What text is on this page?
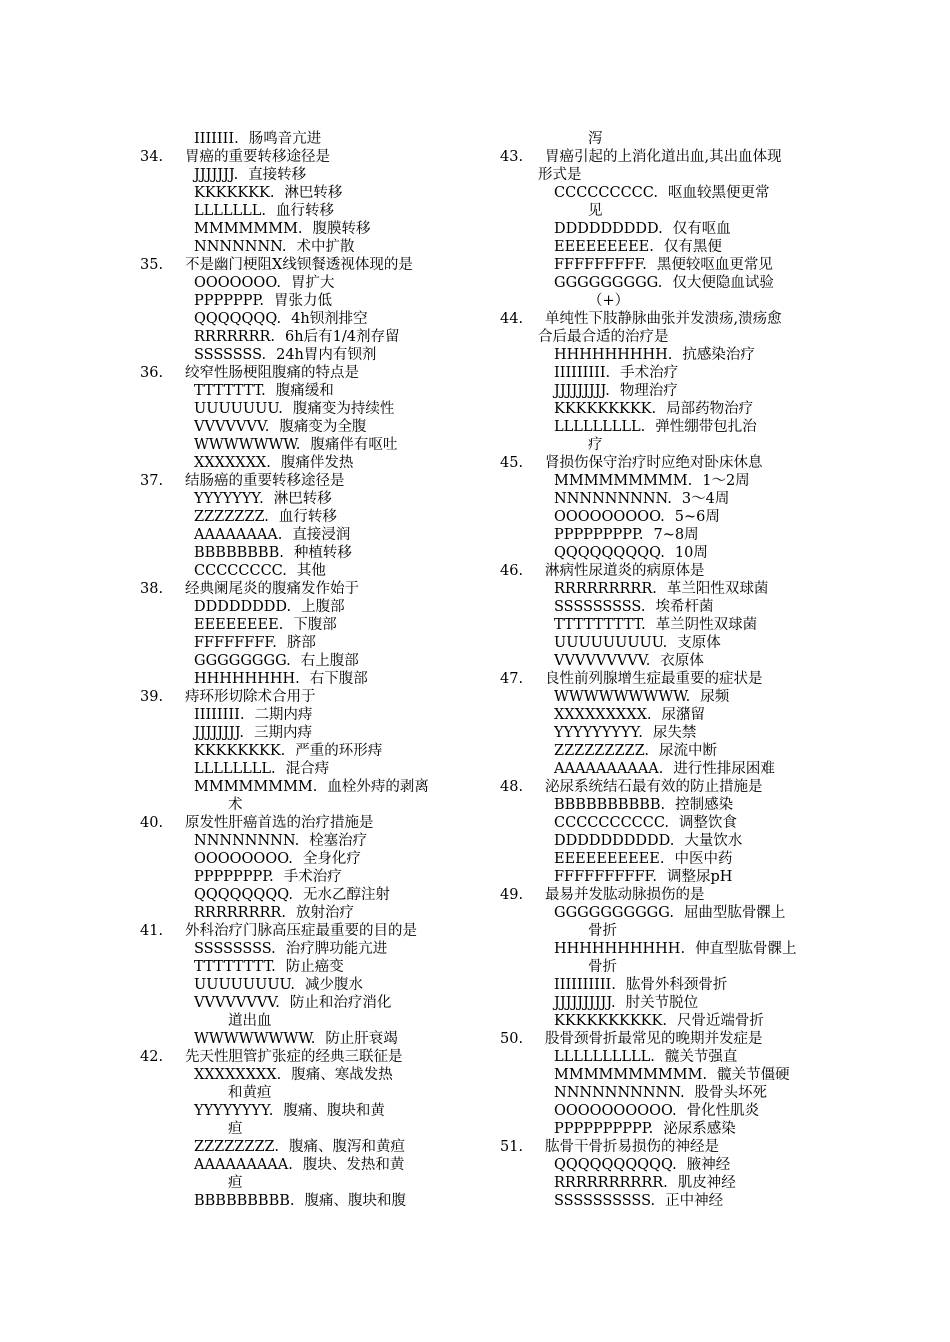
IIIIIII. 肠鸣音亢进
34.	胃癌的重要转移途径是
JJJJJJJ. 直接转移
KKKKKKK. 淋巴转移
LLLLLLL. 血行转移
MMMMMMM. 腹膜转移
NNNNNNN. 术中扩散
35.	不是幽门梗阻X线钡餐透视体现的是
OOOOOOO. 胃扩大
PPPPPPP. 胃张力低
QQQQQQQ. 4h钡剂排空
RRRRRRR. 6h后有1/4剂存留
SSSSSSS. 24h胃内有钡剂
36.	绞窄性肠梗阻腹痛的特点是
TTTTTTT. 腹痛缓和
UUUUUUU. 腹痛变为持续性
VVVVVVV. 腹痛变为全腹
WWWWWWW. 腹痛伴有呕吐
XXXXXXX. 腹痛伴发热
37.	结肠癌的重要转移途径是
YYYYYYY. 淋巴转移
ZZZZZZZ. 血行转移
AAAAAAAA. 直接浸润
BBBBBBBB. 种植转移
CCCCCCCC. 其他
38.	经典阑尾炎的腹痛发作始于
DDDDDDDD. 上腹部
EEEEEEEE. 下腹部
FFFFFFFF. 脐部
GGGGGGGG. 右上腹部
HHHHHHHH. 右下腹部
39.	痔环形切除术合用于
IIIIIIII. 二期内痔
JJJJJJJJ. 三期内痔
KKKKKKKK. 严重的环形痔
LLLLLLLL. 混合痔
MMMMMMMM. 血栓外痔的剥离
术
40.	原发性肝癌首选的治疗措施是
NNNNNNNN. 栓塞治疗
OOOOOOOO. 全身化疗
PPPPPPPP. 手术治疗
QQQQQQQQ. 无水乙醇注射
RRRRRRRR. 放射治疗
41.	外科治疗门脉高压症最重要的目的是
SSSSSSSS. 治疗脾功能亢进
TTTTTTTT. 防止癌变
UUUUUUUU. 减少腹水
VVVVVVVV. 防止和治疗消化
道出血
WWWWWWWW. 防止肝衰竭
42.	先天性胆管扩张症的经典三联征是
XXXXXXXX. 腹痛、寒战发热
和黄疸
YYYYYYYY. 腹痛、腹块和黄
疸
ZZZZZZZZ. 腹痛、腹泻和黄疸
AAAAAAAAA. 腹块、发热和黄
疸
BBBBBBBBB. 腹痛、腹块和腹
泻
43.	胃癌引起的上消化道出血,其出血体现
形式是
CCCCCCCCC. 呕血较黑便更常
见
DDDDDDDDD. 仅有呕血
EEEEEEEEE. 仅有黑便
FFFFFFFFF. 黑便较呕血更常见
GGGGGGGGG. 仅大便隐血试验
（+）
44.	单纯性下肢静脉曲张并发溃疡,溃疡愈
合后最合适的治疗是
HHHHHHHHH. 抗感染治疗
IIIIIIIII. 手术治疗
JJJJJJJJJ. 物理治疗
KKKKKKKKK. 局部药物治疗
LLLLLLLLL. 弹性绷带包扎治
疗
45.	肾损伤保守治疗时应绝对卧床休息
MMMMMMMMM. 1～2周
NNNNNNNNN. 3～4周
OOOOOOOOO. 5~6周
PPPPPPPPP. 7~8周
QQQQQQQQQ. 10周
46.	淋病性尿道炎的病原体是
RRRRRRRRR. 革兰阳性双球菌
SSSSSSSSS. 埃希杆菌
TTTTTTTTT. 革兰阴性双球菌
UUUUUUUUU. 支原体
VVVVVVVVV. 衣原体
47.	良性前列腺增生症最重要的症状是
WWWWWWWWW. 尿频
XXXXXXXXX. 尿潴留
YYYYYYYYY. 尿失禁
ZZZZZZZZZ. 尿流中断
AAAAAAAAAA. 进行性排尿困难
48.	泌尿系统结石最有效的防止措施是
BBBBBBBBBB. 控制感染
CCCCCCCCCC. 调整饮食
DDDDDDDDDD. 大量饮水
EEEEEEEEEE. 中医中药
FFFFFFFFFF. 调整尿pH
49.	最易并发肱动脉损伤的是
GGGGGGGGGG. 屈曲型肱骨髁上
骨折
HHHHHHHHHH. 伸直型肱骨髁上
骨折
IIIIIIIIII. 肱骨外科颈骨折
JJJJJJJJJJ. 肘关节脱位
KKKKKKKKKK. 尺骨近端骨折
50.	股骨颈骨折最常见的晚期并发症是
LLLLLLLLLL. 髋关节强直
MMMMMMMMMM. 髋关节僵硬
NNNNNNNNNN. 股骨头坏死
OOOOOOOOOO. 骨化性肌炎
PPPPPPPPPP. 泌尿系感染
51.	肱骨干骨折易损伤的神经是
QQQQQQQQQQ. 腋神经
RRRRRRRRRR. 肌皮神经
SSSSSSSSSS. 正中神经
